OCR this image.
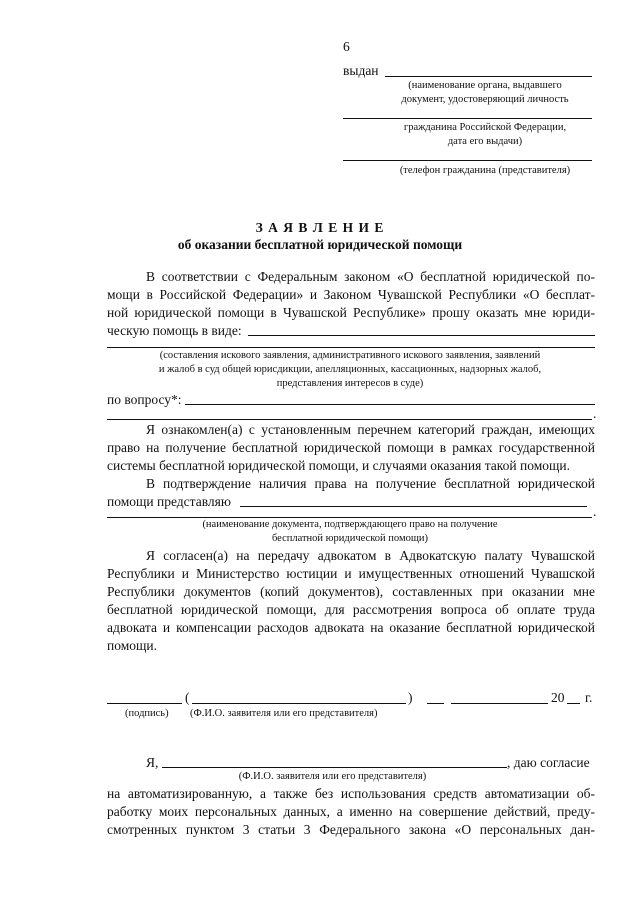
6
выдан
(наименование органа, выдавшего
документ, удостоверяющий личность
гражданина Российской Федерации,
дата его выдачи)
(телефон гражданина (представителя)
З А Я В Л Е Н И Е
об оказании бесплатной юридической помощи
В соответствии с Федеральным законом «О бесплатной юридической по-
мощи в Российской Федерации» и Законом Чувашской Республики «О бесплат-
ной юридической помощи в Чувашской Республике» прошу оказать мне юриди-
ческую помощь в виде:
(составления искового заявления, административного искового заявления, заявлений
и жалоб в суд общей юрисдикции, апелляционных, кассационных, надзорных жалоб,
представления интересов в суде)
по вопросу*:
.
Я ознакомлен(а) с установленным перечнем категорий граждан, имеющих
право на получение бесплатной юридической помощи в рамках государственной
системы бесплатной юридической помощи, и случаями оказания такой помощи.
В подтверждение наличия права на получение бесплатной юридической
помощи представляю
.
(наименование документа, подтверждающего право на получение
бесплатной юридической помощи)
Я согласен(а) на передачу адвокатом в Адвокатскую палату Чувашской
Республики и Министерство юстиции и имущественных отношений Чувашской
Республики документов (копий документов), составленных при оказании мне
бесплатной юридической помощи, для рассмотрения вопроса об оплате труда
адвоката и компенсации расходов адвоката на оказание бесплатной юридической
помощи.
(	)	20 г.
(подпись) (Ф.И.О. заявителя или его представителя)
Я,	, даю согласие
(Ф.И.О. заявителя или его представителя)
на автоматизированную, а также без использования средств автоматизации об-
работку моих персональных данных, а именно на совершение действий, преду-
смотренных пунктом 3 статьи 3 Федерального закона «О персональных дан-
